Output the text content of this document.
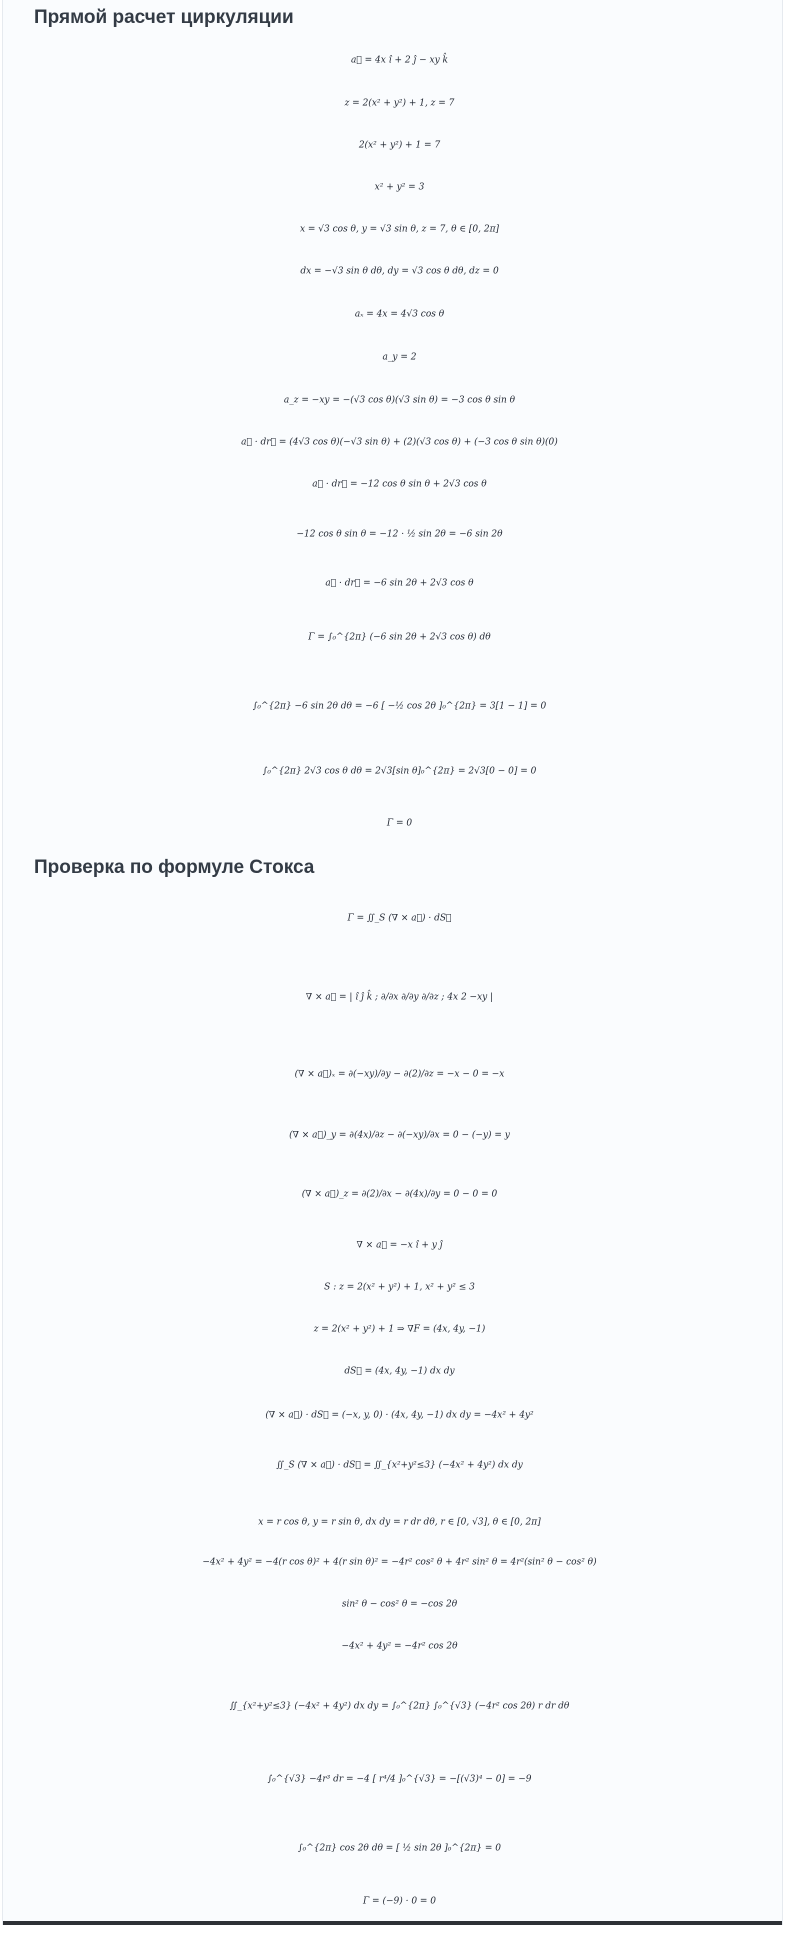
Прямой расчет циркуляции
a⃗ = 4x î + 2 ĵ − xy k̂
z = 2(x² + y²) + 1, z = 7
2(x² + y²) + 1 = 7
x² + y² = 3
x = √3 cos θ, y = √3 sin θ, z = 7, θ ∈ [0, 2π]
dx = −√3 sin θ dθ, dy = √3 cos θ dθ, dz = 0
aₓ = 4x = 4√3 cos θ
a_y = 2
a_z = −xy = −(√3 cos θ)(√3 sin θ) = −3 cos θ sin θ
a⃗ · dr⃗ = (4√3 cos θ)(−√3 sin θ) + (2)(√3 cos θ) + (−3 cos θ sin θ)(0)
a⃗ · dr⃗ = −12 cos θ sin θ + 2√3 cos θ
−12 cos θ sin θ = −12 · ½ sin 2θ = −6 sin 2θ
a⃗ · dr⃗ = −6 sin 2θ + 2√3 cos θ
Γ = ∫₀^{2π} (−6 sin 2θ + 2√3 cos θ) dθ
∫₀^{2π} −6 sin 2θ dθ = −6 [ −½ cos 2θ ]₀^{2π} = 3[1 − 1] = 0
∫₀^{2π} 2√3 cos θ dθ = 2√3[sin θ]₀^{2π} = 2√3[0 − 0] = 0
Γ = 0
Проверка по формуле Стокса
Γ = ∬_S (∇ × a⃗) · dS⃗
∇ × a⃗ = | î ĵ k̂ ; ∂/∂x ∂/∂y ∂/∂z ; 4x 2 −xy |
(∇ × a⃗)ₓ = ∂(−xy)/∂y − ∂(2)/∂z = −x − 0 = −x
(∇ × a⃗)_y = ∂(4x)/∂z − ∂(−xy)/∂x = 0 − (−y) = y
(∇ × a⃗)_z = ∂(2)/∂x − ∂(4x)/∂y = 0 − 0 = 0
∇ × a⃗ = −x î + y ĵ
S : z = 2(x² + y²) + 1, x² + y² ≤ 3
z = 2(x² + y²) + 1 ⇒ ∇F = (4x, 4y, −1)
dS⃗ = (4x, 4y, −1) dx dy
(∇ × a⃗) · dS⃗ = (−x, y, 0) · (4x, 4y, −1) dx dy = −4x² + 4y²
∬_S (∇ × a⃗) · dS⃗ = ∬_{x²+y²≤3} (−4x² + 4y²) dx dy
x = r cos θ, y = r sin θ, dx dy = r dr dθ, r ∈ [0, √3], θ ∈ [0, 2π]
−4x² + 4y² = −4(r cos θ)² + 4(r sin θ)² = −4r² cos² θ + 4r² sin² θ = 4r²(sin² θ − cos² θ)
sin² θ − cos² θ = −cos 2θ
−4x² + 4y² = −4r² cos 2θ
∬_{x²+y²≤3} (−4x² + 4y²) dx dy = ∫₀^{2π} ∫₀^{√3} (−4r² cos 2θ) r dr dθ
∫₀^{√3} −4r³ dr = −4 [ r⁴/4 ]₀^{√3} = −[(√3)⁴ − 0] = −9
∫₀^{2π} cos 2θ dθ = [ ½ sin 2θ ]₀^{2π} = 0
Γ = (−9) · 0 = 0
